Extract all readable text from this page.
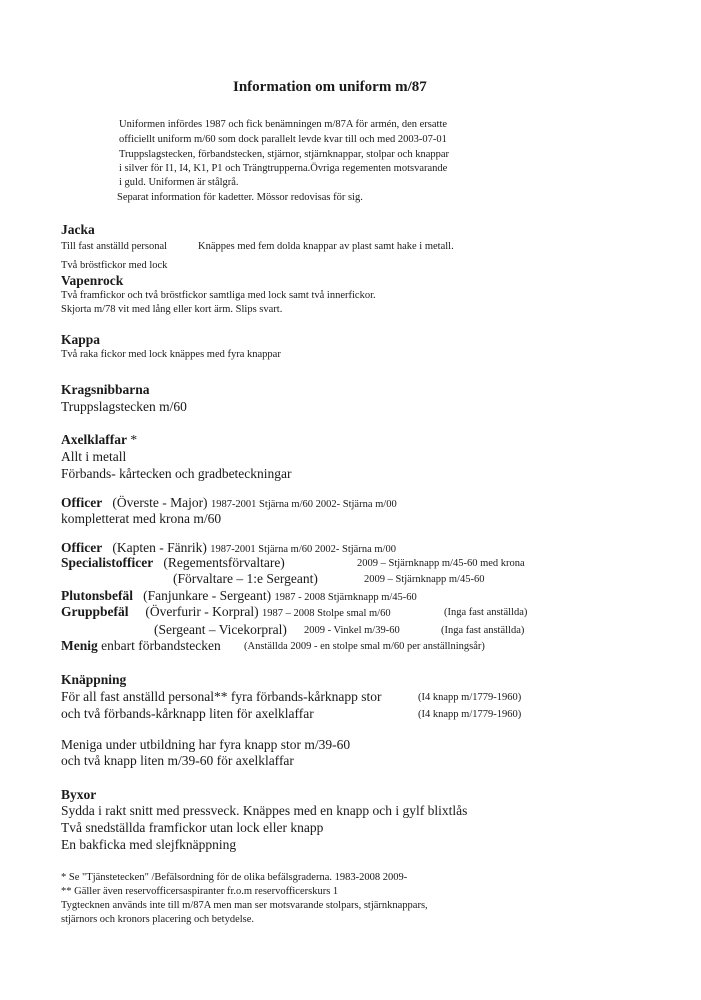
Information om uniform m/87
Uniformen infördes 1987 och fick benämningen m/87A för armén, den ersatte
officiellt uniform m/60 som dock parallelt levde kvar till och med 2003-07-01
Truppslagstecken, förbandstecken, stjärnor, stjärnknappar, stolpar och knappar
i silver för I1, I4, K1, P1 och Trängtrupperna.Övriga regementen motsvarande
i guld. Uniformen är stålgrå.
Separat information för kadetter. Mössor redovisas för sig.
Jacka
Till fast anställd personal	Knäppes med fem dolda knappar av plast samt hake i metall.
Två bröstfickor med lock
Vapenrock
Två framfickor och två bröstfickor samtliga med lock samt två innerfickor.
Skjorta m/78 vit med lång eller kort ärm. Slips svart.
Kappa
Två raka fickor med lock knäppes med fyra knappar
Kragsnibbarna
Truppslagstecken m/60
Axelklaffar *
Allt i metall
Förbands- kårtecken och gradbeteckningar
Officer (Överste - Major) 1987-2001 Stjärna m/60 2002- Stjärna m/00
kompletterat med krona m/60
Officer (Kapten - Fänrik) 1987-2001 Stjärna m/60 2002- Stjärna m/00
Specialistofficer (Regementsförvaltare)	2009 – Stjärnknapp m/45-60 med krona
(Förvaltare – 1:e Sergeant)	2009 – Stjärnknapp m/45-60
Plutonsbefäl (Fanjunkare - Sergeant) 1987 - 2008 Stjärnknapp m/45-60
Gruppbefäl (Överfurir - Korpral) 1987 – 2008 Stolpe smal m/60	(Inga fast anställda)
(Sergeant – Vicekorpral) 2009 - Vinkel m/39-60	(Inga fast anställda)
Menig enbart förbandstecken (Anställda 2009 - en stolpe smal m/60 per anställningsår)
Knäppning
För all fast anställd personal** fyra förbands-kårknapp stor	(I4 knapp m/1779-1960)
och två förbands-kårknapp liten för axelklaffar	(I4 knapp m/1779-1960)
Meniga under utbildning har fyra knapp stor m/39-60
och två knapp liten m/39-60 för axelklaffar
Byxor
Sydda i rakt snitt med pressveck. Knäppes med en knapp och i gylf blixtlås
Två snedställda framfickor utan lock eller knapp
En bakficka med slejfknäppning
* Se "Tjänstetecken" /Befälsordning för de olika befälsgraderna. 1983-2008 2009-
** Gäller även reservofficersaspiranter fr.o.m reservofficerskurs 1
Tygtecknen används inte till m/87A men man ser motsvarande stolpars, stjärnknappars,
stjärnors och kronors placering och betydelse.
